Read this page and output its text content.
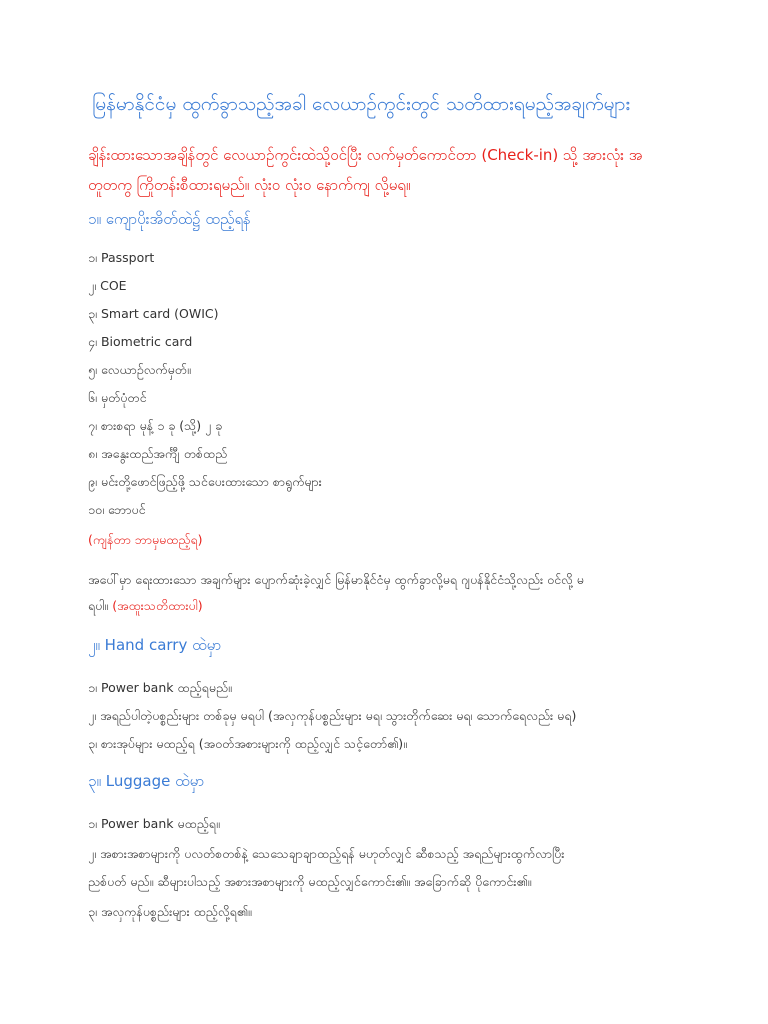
မြန်မာနိုင်ငံမှ ထွက်ခွာသည့်အခါ လေယာဉ်ကွင်းတွင် သတိထားရမည့်အချက်များ
ချိန်းထားသောအချိန်တွင် လေယာဉ်ကွင်းထဲသို့ဝင်ပြီး လက်မှတ်ကောင်တာ (Check-in) သို့ အားလုံး အ
တူတကွ ကြိုတန်းစီထားရမည်။ လုံးဝ လုံးဝ နောက်ကျ လို့မရ။
၁။ ကျောပိုးအိတ်ထဲ၌ ထည့်ရန်
၁၊ Passport
၂၊ COE
၃၊ Smart card (OWIC)
၄၊ Biometric card
၅၊ လေယာဉ်လက်မှတ်။
၆၊ မှတ်ပုံတင်
၇၊ စားစရာ မုန့် ၁ ခု (သို့) ၂ ခု
၈၊ အနွေးထည်အင်္ကျီ တစ်ထည်
၉၊ မင်းတို့ဖောင်ဖြည့်ဖို့ သင်ပေးထားသော စာရွက်များ
၁၀၊ ဘောပင်
(ကျန်တာ ဘာမှမထည့်ရ)
အပေါ်မှာ ရေးထားသော အချက်များ ပျောက်ဆုံးခဲ့လျှင် မြန်မာနိုင်ငံမှ ထွက်ခွာလို့မရ ဂျပန်နိုင်ငံသို့လည်း ဝင်လို့ မ
ရပါ။ (အထူးသတိထားပါ)
၂။ Hand carry ထဲမှာ
၁၊ Power bank ထည့်ရမည်။
၂၊ အရည်ပါတဲ့ပစ္စည်းများ တစ်ခုမှ မရပါ (အလှကုန်ပစ္စည်းများ မရ၊ သွားတိုက်ဆေး မရ၊ သောက်ရေလည်း မရ)
၃၊ စားအုပ်များ မထည့်ရ (အဝတ်အစားများကို ထည့်လျှင် သင့်တော်၏)။
၃။ Luggage ထဲမှာ
၁၊ Power bank မထည့်ရ။
၂၊ အစားအစာများကို ပလတ်စတစ်နဲ့ သေသေချာချာထည့်ရန် မဟုတ်လျှင် ဆီစသည့် အရည်များထွက်လာပြီး
ညစ်ပတ် မည်။ ဆီများပါသည့် အစားအစာများကို မထည့်လျှင်ကောင်း၏။ အခြောက်ဆို ပိုကောင်း၏။
၃၊ အလှကုန်ပစ္စည်းများ ထည့်လို့ရ၏။
